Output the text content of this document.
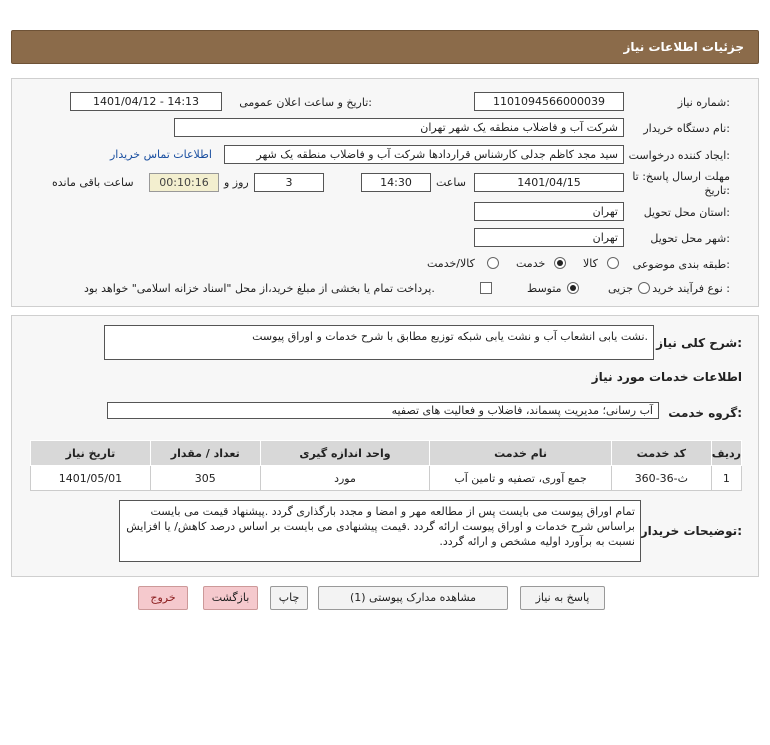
جزئیات اطلاعات نیاز
شماره نیاز:
1101094566000039
تاریخ و ساعت اعلان عمومی:
1401/04/12 - 14:13
نام دستگاه خریدار:
شرکت آب و فاضلاب منطقه یک شهر تهران
ایجاد کننده درخواست:
سید مجد کاظم جدلی کارشناس قراردادها شرکت آب و فاضلاب منطقه یک شهر
اطلاعات تماس خریدار
مهلت ارسال پاسخ: تا
تاریخ:
1401/04/15
ساعت
14:30
3
روز و
00:10:16
ساعت باقی مانده
استان محل تحویل:
تهران
شهر محل تحویل:
تهران
طبقه بندی موضوعی:
کالا
خدمت
کالا/خدمت
نوع فرآیند خرید :
جزیی
متوسط
پرداخت تمام یا بخشی از مبلغ خرید،از محل "اسناد خزانه اسلامی" خواهد بود.
شرح کلی نیاز:
نشت یابی انشعاب آب و نشت یابی شبکه توزیع مطابق با شرح خدمات و اوراق پیوست.
اطلاعات خدمات مورد نیاز
گروه خدمت:
آب رسانی؛ مدیریت پسماند، فاضلاب و فعالیت های تصفیه
ردیف	کد خدمت	نام خدمت	واحد اندازه گیری	تعداد / مقدار	تاریخ نیاز
1	ث-36-360	جمع آوری، تصفیه و تامین آب	مورد	305	1401/05/01
توضیحات خریدار:
تمام اوراق پیوست می بایست پس از مطالعه مهر و امضا و مجدد بارگذاری گردد .پیشنهاد قیمت می بایست براساس شرح خدمات و اوراق پیوست ارائه گردد .قیمت پیشنهادی می بایست بر اساس درصد کاهش/ یا افزایش نسبت به برآورد اولیه مشخص و ارائه گردد.
پاسخ به نیاز
مشاهده مدارک پیوستی (1)
چاپ
بازگشت
خروج
